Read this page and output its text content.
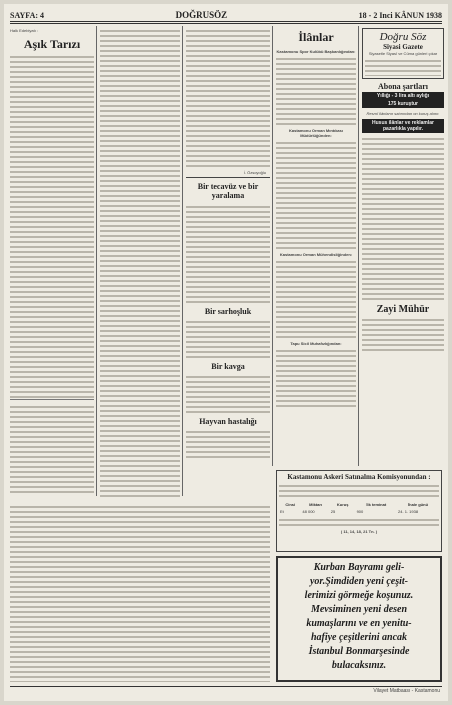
SAYFA: 4	DOĞRUSÖZ	18 - 2 Inci KÂNUN 1938
Halk Edebiyatı :
Aşık Tarızı
İ. Özsoyoğlu
Bir tecavüz ve bir yaralama
Bir sarhoşluk
Bir kavga
Hayvan hastalığı
İlânlar
Kastamonu Spor Kulübü Başkanlığından:
Kastamonu Orman Mıntıkası Müdürlüğünden:
Kastamonu Orman Mühendisliğinden:
Tapu Sicil Muhafızlığından:
Doğru Söz
Siyasi Gazete
Siyasetle Siyasî ve Cüma günleri çıkar
Abona şartları
Yıllığı - 3 lira altı aylığı
175 kuruştur
Resmî ilânların satırından on kuruş alınır.
Husus ilânlar ve reklamlar pazarlıkla yapılır.
Zayi Mühür
Kastamonu Askeri Satınalma Komisyonundan :
Cinsi	Miktarı	Kuruş	İlk teminat	İhale günü
Et	48 000	25	900	24. 1. 1938
( 11, 14, 18, 21 Tn. )
Kurban Bayramı geli-
yor.Şimdiden yeni çeşit-
lerimizi görmeğe koşunuz.
Mevsiminen yeni desen
kumaşlarını ve en yenitu-
hafiye çeşitlerini ancak
İstanbul Bonmarşesinde
bulacaksınız.
Vilayet Matbaası - Kastamonu
